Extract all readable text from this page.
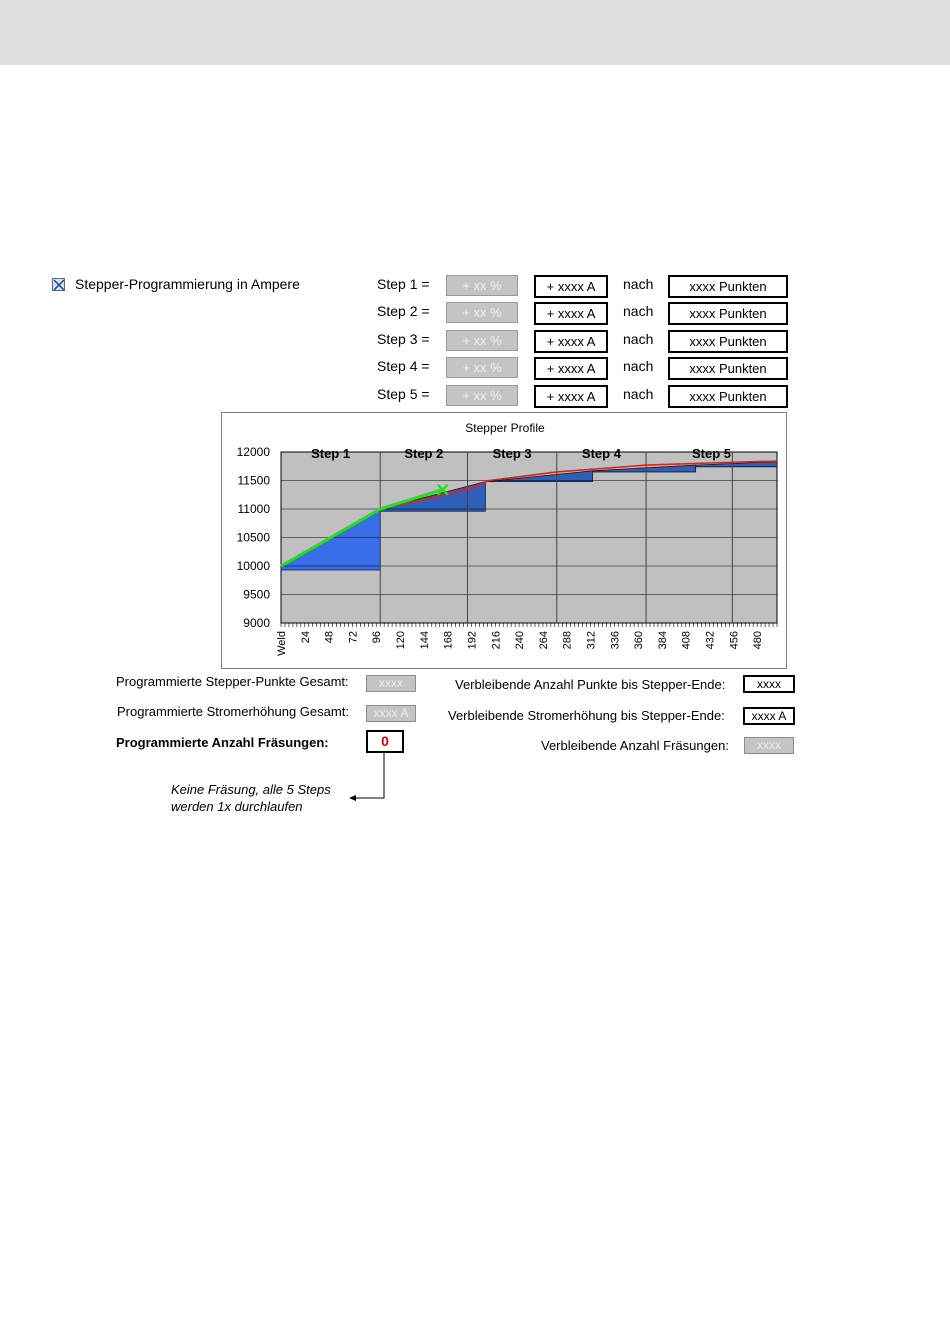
Stepper-Programmierung in Ampere	Step 1 =	+ xx %	+ xxxx A	nach	xxxx Punkten
Step 2 =	+ xx %	+ xxxx A	nach	xxxx Punkten
Step 3 =	+ xx %	+ xxxx A	nach	xxxx Punkten
Step 4 =	+ xx %	+ xxxx A	nach	xxxx Punkten
Step 5 =	+ xx %	+ xxxx A	nach	xxxx Punkten
Stepper Profile
9000
9500
10000
10500
11000
11500
12000	Step 1	Step 2	Step 3	Step 4	Step 5
Weld 24 48 72 96 120 144 168 192 216 240 264 288 312 336 360 384 408 432 456 480
Programmierte Stepper-Punkte Gesamt:	xxxx
Programmierte Stromerhöhung Gesamt:	xxxx A
Programmierte Anzahl Fräsungen:	0
Verbleibende Anzahl Punkte bis Stepper-Ende:	xxxx
Verbleibende Stromerhöhung bis Stepper-Ende:	xxxx A
Verbleibende Anzahl Fräsungen:	xxxx
Keine Fräsung, alle 5 Steps
werden 1x durchlaufen
